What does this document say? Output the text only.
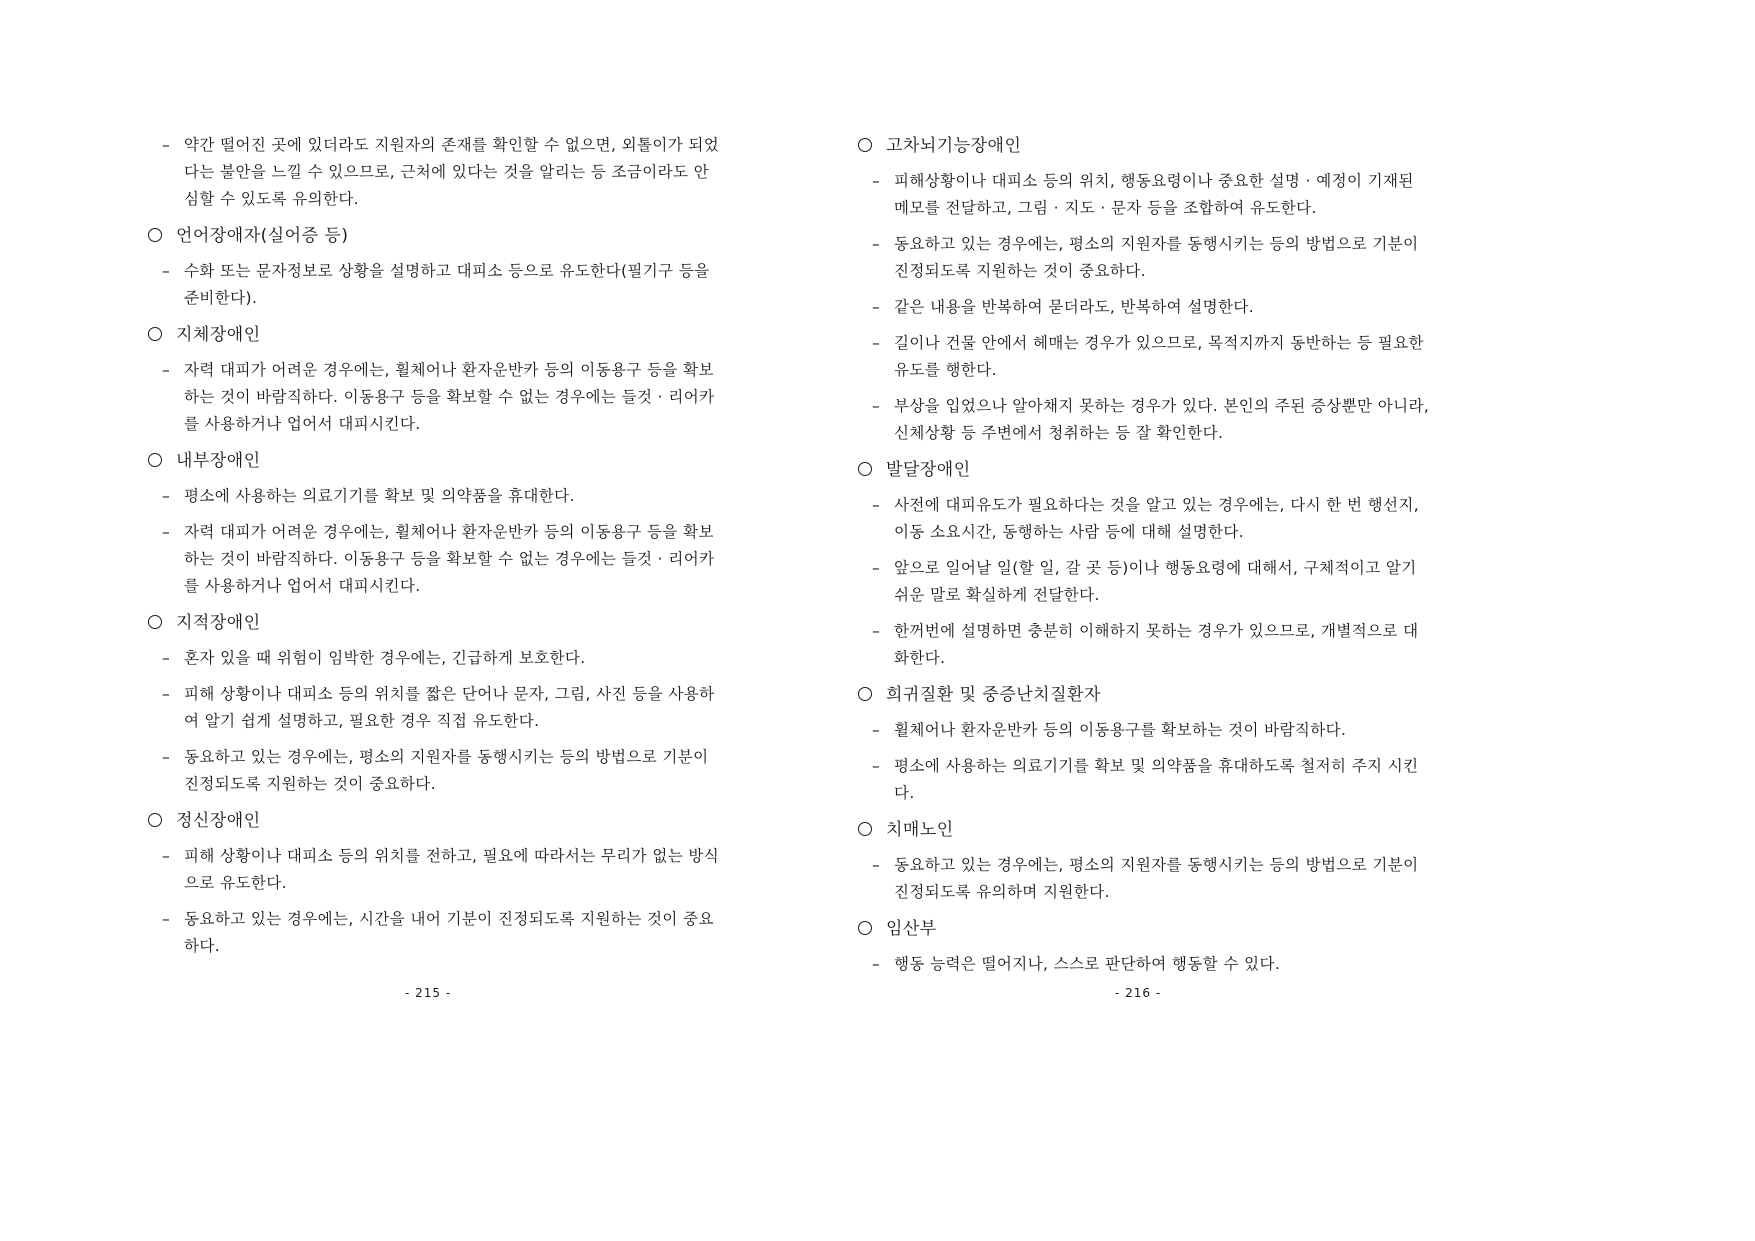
– 약간 떨어진 곳에 있더라도 지원자의 존재를 확인할 수 없으면, 외톨이가 되었다는 불안을 느낄 수 있으므로, 근처에 있다는 것을 알리는 등 조금이라도 안심할 수 있도록 유의한다.
언어장애자(실어증 등)
– 수화 또는 문자정보로 상황을 설명하고 대피소 등으로 유도한다(필기구 등을 준비한다).
지체장애인
– 자력 대피가 어려운 경우에는, 휠체어나 환자운반카 등의 이동용구 등을 확보하는 것이 바람직하다. 이동용구 등을 확보할 수 없는 경우에는 들것 · 리어카를 사용하거나 업어서 대피시킨다.
내부장애인
– 평소에 사용하는 의료기기를 확보 및 의약품을 휴대한다.
– 자력 대피가 어려운 경우에는, 휠체어나 환자운반카 등의 이동용구 등을 확보하는 것이 바람직하다. 이동용구 등을 확보할 수 없는 경우에는 들것 · 리어카를 사용하거나 업어서 대피시킨다.
지적장애인
– 혼자 있을 때 위험이 임박한 경우에는, 긴급하게 보호한다.
– 피해 상황이나 대피소 등의 위치를 짧은 단어나 문자, 그림, 사진 등을 사용하여 알기 쉽게 설명하고, 필요한 경우 직접 유도한다.
– 동요하고 있는 경우에는, 평소의 지원자를 동행시키는 등의 방법으로 기분이 진정되도록 지원하는 것이 중요하다.
정신장애인
– 피해 상황이나 대피소 등의 위치를 전하고, 필요에 따라서는 무리가 없는 방식으로 유도한다.
– 동요하고 있는 경우에는, 시간을 내어 기분이 진정되도록 지원하는 것이 중요하다.
- 215 -
고차뇌기능장애인
– 피해상황이나 대피소 등의 위치, 행동요령이나 중요한 설명 · 예정이 기재된 메모를 전달하고, 그림 · 지도 · 문자 등을 조합하여 유도한다.
– 동요하고 있는 경우에는, 평소의 지원자를 동행시키는 등의 방법으로 기분이 진정되도록 지원하는 것이 중요하다.
– 같은 내용을 반복하여 묻더라도, 반복하여 설명한다.
– 길이나 건물 안에서 헤매는 경우가 있으므로, 목적지까지 동반하는 등 필요한 유도를 행한다.
– 부상을 입었으나 알아채지 못하는 경우가 있다. 본인의 주된 증상뿐만 아니라, 신체상황 등 주변에서 청취하는 등 잘 확인한다.
발달장애인
– 사전에 대피유도가 필요하다는 것을 알고 있는 경우에는, 다시 한 번 행선지, 이동 소요시간, 동행하는 사람 등에 대해 설명한다.
– 앞으로 일어날 일(할 일, 갈 곳 등)이나 행동요령에 대해서, 구체적이고 알기 쉬운 말로 확실하게 전달한다.
– 한꺼번에 설명하면 충분히 이해하지 못하는 경우가 있으므로, 개별적으로 대화한다.
희귀질환 및 중증난치질환자
– 휠체어나 환자운반카 등의 이동용구를 확보하는 것이 바람직하다.
– 평소에 사용하는 의료기기를 확보 및 의약품을 휴대하도록 철저히 주지 시킨다.
치매노인
– 동요하고 있는 경우에는, 평소의 지원자를 동행시키는 등의 방법으로 기분이 진정되도록 유의하며 지원한다.
임산부
– 행동 능력은 떨어지나, 스스로 판단하여 행동할 수 있다.
- 216 -
